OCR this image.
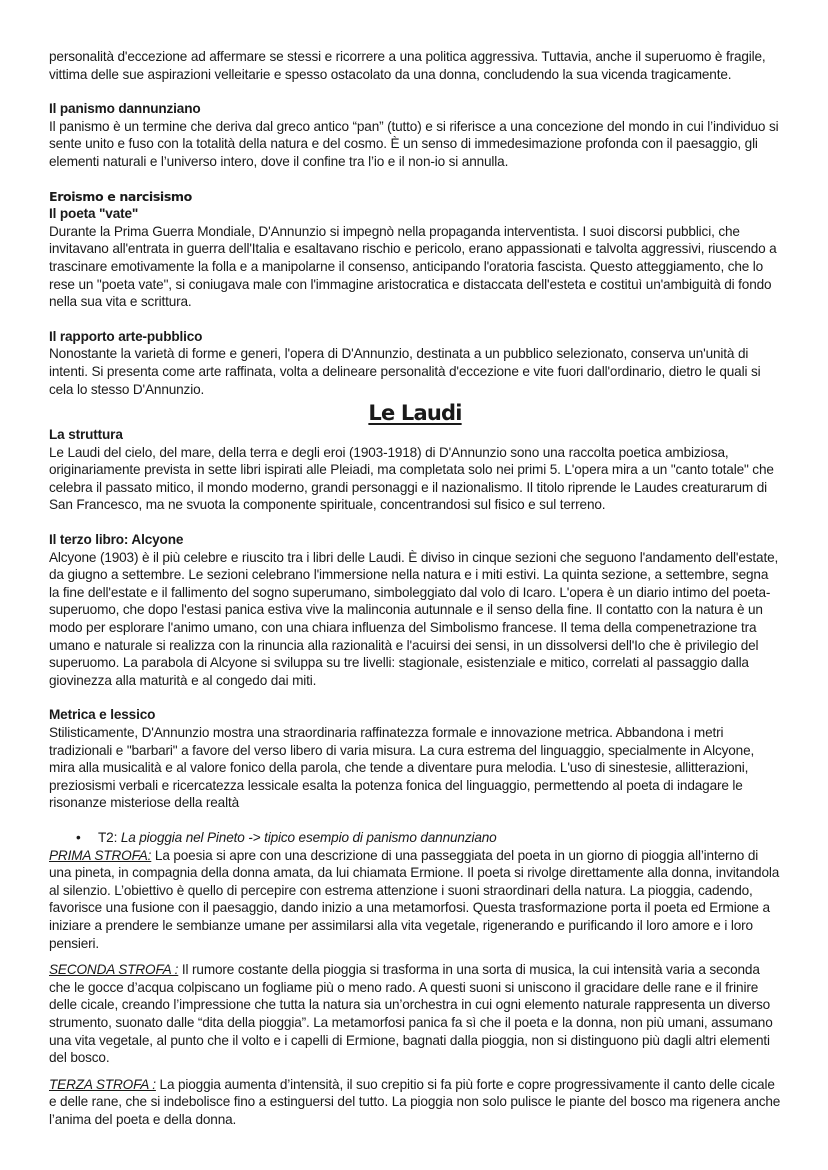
personalità d'eccezione ad affermare se stessi e ricorrere a una politica aggressiva. Tuttavia, anche il superuomo è fragile, vittima delle sue aspirazioni velleitarie e spesso ostacolato da una donna, concludendo la sua vicenda tragicamente.

Il panismo dannunziano

Il panismo è un termine che deriva dal greco antico “pan” (tutto) e si riferisce a una concezione del mondo in cui l’individuo si sente unito e fuso con la totalità della natura e del cosmo. È un senso di immedesimazione profonda con il paesaggio, gli elementi naturali e l’universo intero, dove il confine tra l’io e il non-io si annulla.

Eroismo e narcisismo

Il poeta "vate"

Durante la Prima Guerra Mondiale, D'Annunzio si impegnò nella propaganda interventista. I suoi discorsi pubblici, che invitavano all'entrata in guerra dell'Italia e esaltavano rischio e pericolo, erano appassionati e talvolta aggressivi, riuscendo a trascinare emotivamente la folla e a manipolarne il consenso, anticipando l'oratoria fascista. Questo atteggiamento, che lo rese un "poeta vate", si coniugava male con l'immagine aristocratica e distaccata dell'esteta e costituì un'ambiguità di fondo nella sua vita e scrittura.

Il rapporto arte-pubblico

Nonostante la varietà di forme e generi, l'opera di D'Annunzio, destinata a un pubblico selezionato, conserva un'unità di intenti. Si presenta come arte raffinata, volta a delineare personalità d'eccezione e vite fuori dall'ordinario, dietro le quali si cela lo stesso D'Annunzio.

Le Laudi

La struttura

Le Laudi del cielo, del mare, della terra e degli eroi (1903-1918) di D'Annunzio sono una raccolta poetica ambiziosa, originariamente prevista in sette libri ispirati alle Pleiadi, ma completata solo nei primi 5. L'opera mira a un "canto totale" che celebra il passato mitico, il mondo moderno, grandi personaggi e il nazionalismo. Il titolo riprende le Laudes creaturarum di San Francesco, ma ne svuota la componente spirituale, concentrandosi sul fisico e sul terreno.

Il terzo libro: Alcyone

Alcyone (1903) è il più celebre e riuscito tra i libri delle Laudi. È diviso in cinque sezioni che seguono l'andamento dell'estate, da giugno a settembre. Le sezioni celebrano l'immersione nella natura e i miti estivi. La quinta sezione, a settembre, segna la fine dell'estate e il fallimento del sogno superumano, simboleggiato dal volo di Icaro. L'opera è un diario intimo del poeta-superuomo, che dopo l'estasi panica estiva vive la malinconia autunnale e il senso della fine. Il contatto con la natura è un modo per esplorare l'animo umano, con una chiara influenza del Simbolismo francese. Il tema della compenetrazione tra umano e naturale si realizza con la rinuncia alla razionalità e l'acuirsi dei sensi, in un dissolversi dell'Io che è privilegio del superuomo. La parabola di Alcyone si sviluppa su tre livelli: stagionale, esistenziale e mitico, correlati al passaggio dalla giovinezza alla maturità e al congedo dai miti.

Metrica e lessico

Stilisticamente, D'Annunzio mostra una straordinaria raffinatezza formale e innovazione metrica. Abbandona i metri tradizionali e "barbari" a favore del verso libero di varia misura. La cura estrema del linguaggio, specialmente in Alcyone, mira alla musicalità e al valore fonico della parola, che tende a diventare pura melodia. L'uso di sinestesie, allitterazioni, preziosismi verbali e ricercatezza lessicale esalta la potenza fonica del linguaggio, permettendo al poeta di indagare le risonanze misteriose della realtà

• T2: La pioggia nel Pineto -> tipico esempio di panismo dannunziano

PRIMA STROFA: La poesia si apre con una descrizione di una passeggiata del poeta in un giorno di pioggia all’interno di una pineta, in compagnia della donna amata, da lui chiamata Ermione. Il poeta si rivolge direttamente alla donna, invitandola al silenzio. L’obiettivo è quello di percepire con estrema attenzione i suoni straordinari della natura. La pioggia, cadendo, favorisce una fusione con il paesaggio, dando inizio a una metamorfosi. Questa trasformazione porta il poeta ed Ermione a iniziare a prendere le sembianze umane per assimilarsi alla vita vegetale, rigenerando e purificando il loro amore e i loro pensieri.

SECONDA STROFA : Il rumore costante della pioggia si trasforma in una sorta di musica, la cui intensità varia a seconda che le gocce d’acqua colpiscano un fogliame più o meno rado. A questi suoni si uniscono il gracidare delle rane e il frinire delle cicale, creando l’impressione che tutta la natura sia un’orchestra in cui ogni elemento naturale rappresenta un diverso strumento, suonato dalle “dita della pioggia”. La metamorfosi panica fa sì che il poeta e la donna, non più umani, assumano una vita vegetale, al punto che il volto e i capelli di Ermione, bagnati dalla pioggia, non si distinguono più dagli altri elementi del bosco.

TERZA STROFA : La pioggia aumenta d’intensità, il suo crepitio si fa più forte e copre progressivamente il canto delle cicale e delle rane, che si indebolisce fino a estinguersi del tutto. La pioggia non solo pulisce le piante del bosco ma rigenera anche l’anima del poeta e della donna.
